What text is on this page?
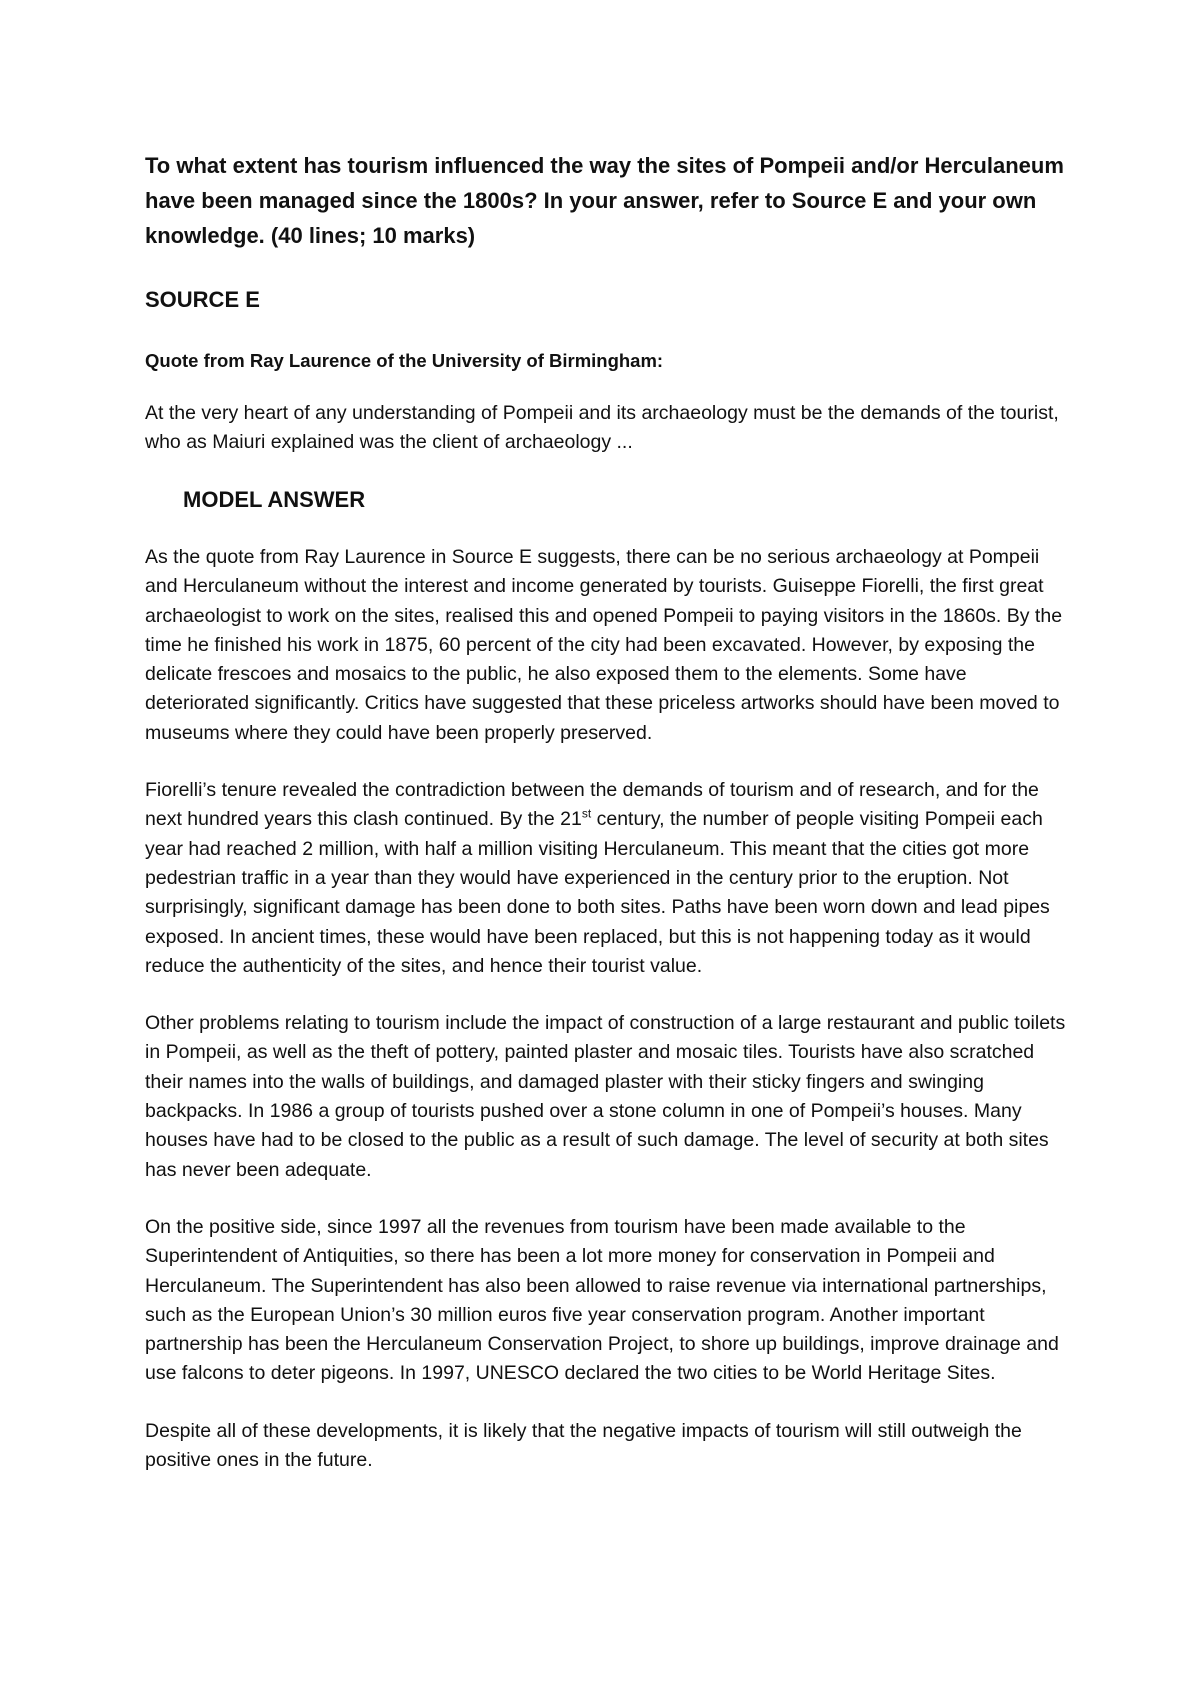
To what extent has tourism influenced the way the sites of Pompeii and/or Herculaneum have been managed since the 1800s? In your answer, refer to Source E and your own knowledge. (40 lines; 10 marks)

SOURCE E

Quote from Ray Laurence of the University of Birmingham:

At the very heart of any understanding of Pompeii and its archaeology must be the demands of the tourist, who as Maiuri explained was the client of archaeology ...

MODEL ANSWER

As the quote from Ray Laurence in Source E suggests, there can be no serious archaeology at Pompeii and Herculaneum without the interest and income generated by tourists. Guiseppe Fiorelli, the first great archaeologist to work on the sites, realised this and opened Pompeii to paying visitors in the 1860s. By the time he finished his work in 1875, 60 percent of the city had been excavated. However, by exposing the delicate frescoes and mosaics to the public, he also exposed them to the elements. Some have deteriorated significantly. Critics have suggested that these priceless artworks should have been moved to museums where they could have been properly preserved.

Fiorelli’s tenure revealed the contradiction between the demands of tourism and of research, and for the next hundred years this clash continued. By the 21st century, the number of people visiting Pompeii each year had reached 2 million, with half a million visiting Herculaneum. This meant that the cities got more pedestrian traffic in a year than they would have experienced in the century prior to the eruption. Not surprisingly, significant damage has been done to both sites. Paths have been worn down and lead pipes exposed. In ancient times, these would have been replaced, but this is not happening today as it would reduce the authenticity of the sites, and hence their tourist value.

Other problems relating to tourism include the impact of construction of a large restaurant and public toilets in Pompeii, as well as the theft of pottery, painted plaster and mosaic tiles. Tourists have also scratched their names into the walls of buildings, and damaged plaster with their sticky fingers and swinging backpacks. In 1986 a group of tourists pushed over a stone column in one of Pompeii’s houses. Many houses have had to be closed to the public as a result of such damage. The level of security at both sites has never been adequate.

On the positive side, since 1997 all the revenues from tourism have been made available to the Superintendent of Antiquities, so there has been a lot more money for conservation in Pompeii and Herculaneum. The Superintendent has also been allowed to raise revenue via international partnerships, such as the European Union’s 30 million euros five year conservation program. Another important partnership has been the Herculaneum Conservation Project, to shore up buildings, improve drainage and use falcons to deter pigeons. In 1997, UNESCO declared the two cities to be World Heritage Sites.

Despite all of these developments, it is likely that the negative impacts of tourism will still outweigh the positive ones in the future.
